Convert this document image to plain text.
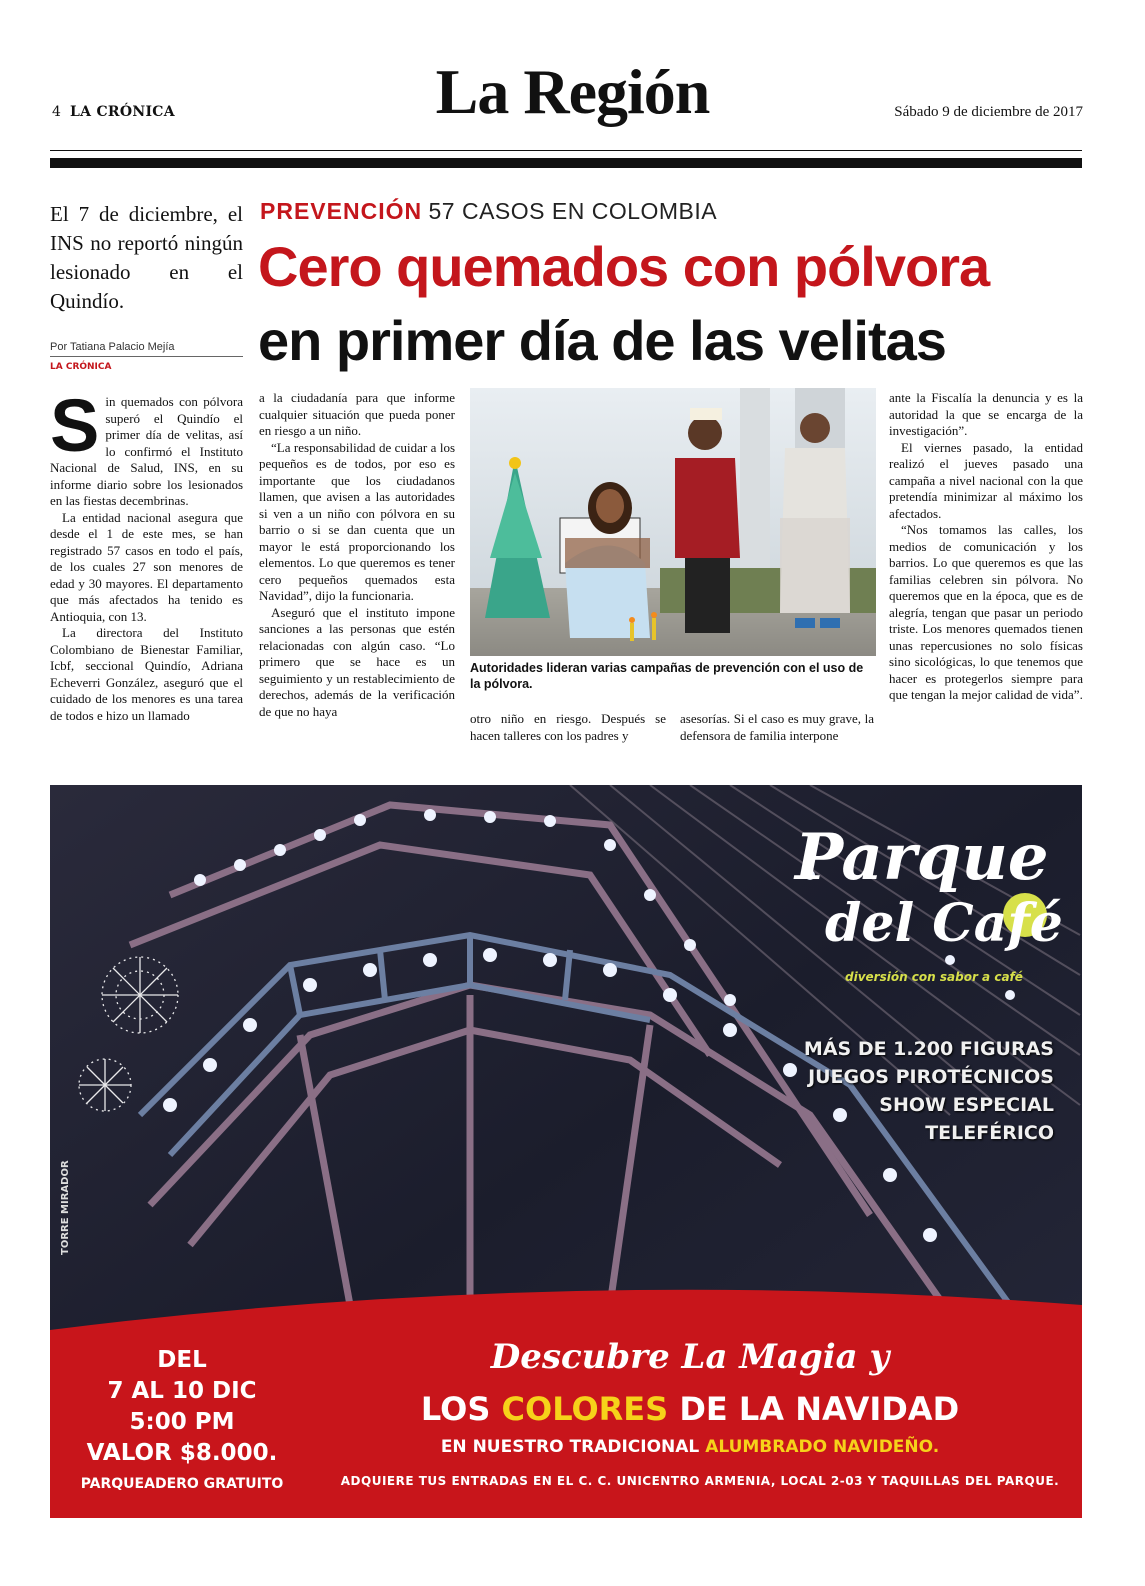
4 LA CRÓNICA	La Región	Sábado 9 de diciembre de 2017
El 7 de diciembre, el INS no reportó ningún lesionado en el Quindío.
Por Tatiana Palacio Mejía
LA CRÓNICA
PREVENCIÓN 57 CASOS EN COLOMBIA
Cero quemados con pólvora
en primer día de las velitas
S in quemados con pólvora superó el Quindío el primer día de velitas, así lo confirmó el Instituto Nacional de Salud, INS, en su informe diario sobre los lesionados en las fiestas decembrinas.

La entidad nacional asegura que desde el 1 de este mes, se han registrado 57 casos en todo el país, de los cuales 27 son menores de edad y 30 mayores. El departamento que más afectados ha tenido es Antioquia, con 13.

La directora del Instituto Colombiano de Bienestar Familiar, Icbf, seccional Quindío, Adriana Echeverri González, aseguró que el cuidado de los menores es una tarea de todos e hizo un llamado

a la ciudadanía para que informe cualquier situación que pueda poner en riesgo a un niño.

“La responsabilidad de cuidar a los pequeños es de todos, por eso es importante que los ciudadanos llamen, que avisen a las autoridades si ven a un niño con pólvora en su barrio o si se dan cuenta que un mayor le está proporcionando los elementos. Lo que queremos es tener cero pequeños quemados esta Navidad”, dijo la funcionaria.

Aseguró que el instituto impone sanciones a las personas que estén relacionadas con algún caso. “Lo primero que se hace es un seguimiento y un restablecimiento de derechos, además de la verificación de que no haya	otro niño en riesgo. Después se hacen talleres con los padres y

asesorías. Si el caso es muy grave, la defensora de familia interpone

ante la Fiscalía la denuncia y es la autoridad la que se encarga de la investigación”.

El viernes pasado, la entidad realizó el jueves pasado una campaña a nivel nacional con la que pretendía minimizar al máximo los afectados.

“Nos tomamos las calles, los medios de comunicación y los barrios. Lo que queremos es que las familias celebren sin pólvora. No queremos que en la época, que es de alegría, tengan que pasar un periodo triste. Los menores quemados tienen unas repercusiones no solo físicas sino sicológicas, lo que tenemos que hacer es protegerlos siempre para que tengan la mejor calidad de vida”.

Autoridades lideran varias campañas de prevención con el uso de la pólvora.
Parque
del Café
diversión con sabor a café
MÁS DE 1.200 FIGURAS
JUEGOS PIROTÉCNICOS
SHOW ESPECIAL
TELEFÉRICO
TORRE MIRADOR
DEL
7 AL 10 DIC
5:00 PM
VALOR $8.000.
PARQUEADERO GRATUITO
Descubre La Magia y
LOS COLORES DE LA NAVIDAD
EN NUESTRO TRADICIONAL ALUMBRADO NAVIDEÑO.
ADQUIERE TUS ENTRADAS EN EL C. C. UNICENTRO ARMENIA, LOCAL 2-03 Y TAQUILLAS DEL PARQUE.
